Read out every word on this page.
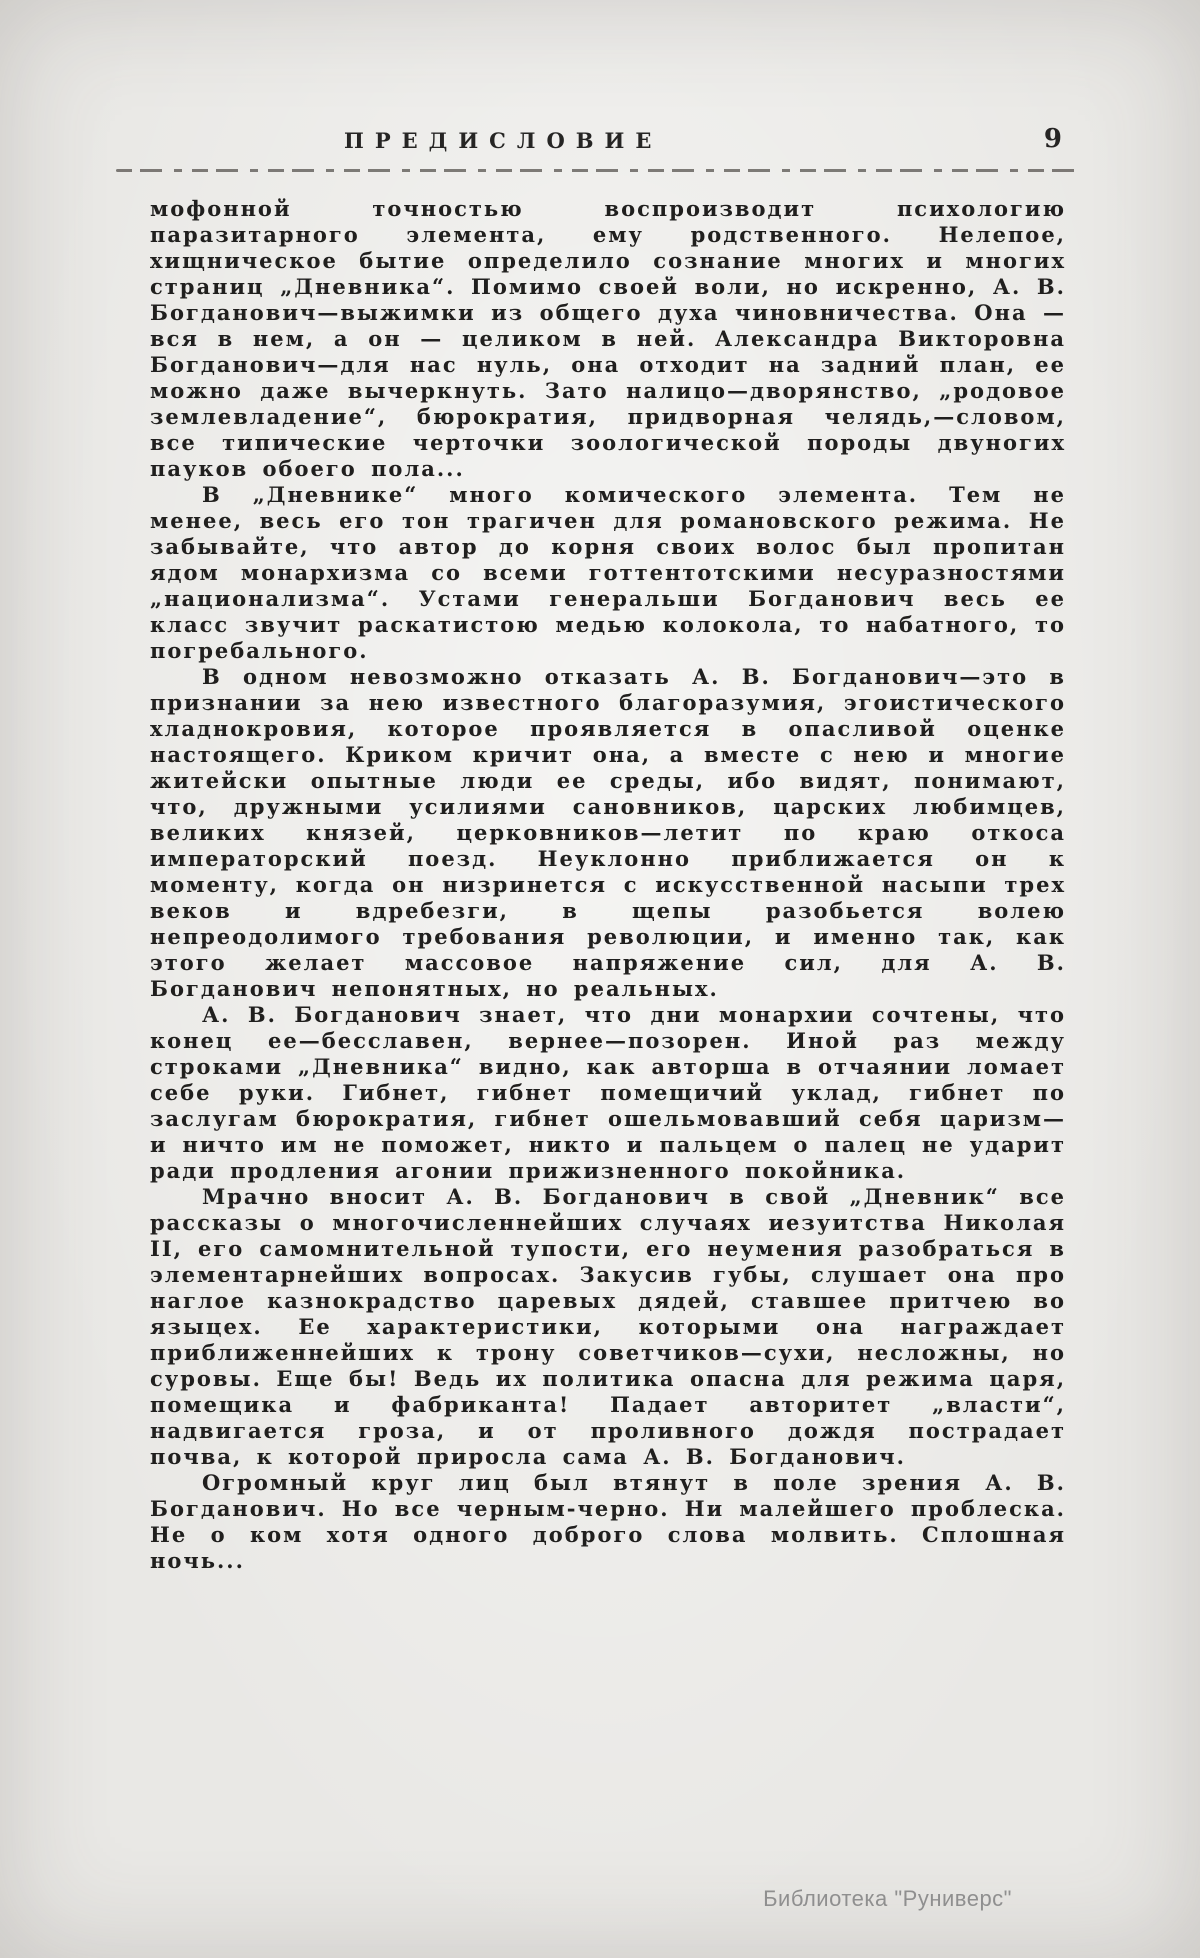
ПРЕДИСЛОВИЕ	9

мофонной точностью воспроизводит психологию паразитарного элемента, ему родственного. Нелепое, хищническое бытие определило сознание многих и многих страниц „Дневника“. Помимо своей воли, но искренно, А. В. Богданович—выжимки из общего духа чиновничества. Она — вся в нем, а он — целиком в ней. Александра Викторовна Богданович—для нас нуль, она отходит на задний план, ее можно даже вычеркнуть. Зато налицо—дворянство, „родовое землевладение“, бюрократия, придворная челядь,—словом, все типические черточки зоологической породы двуногих пауков обоего пола...

В „Дневнике“ много комического элемента. Тем не менее, весь его тон трагичен для романовского режима. Не забывайте, что автор до корня своих волос был пропитан ядом монархизма со всеми готтентотскими несуразностями „национализма“. Устами генеральши Богданович весь ее класс звучит раскатистою медью колокола, то набатного, то погребального.

В одном невозможно отказать А. В. Богданович—это в признании за нею известного благоразумия, эгоистического хладнокровия, которое проявляется в опасливой оценке настоящего. Криком кричит она, а вместе с нею и многие житейски опытные люди ее среды, ибо видят, понимают, что, дружными усилиями сановников, царских любимцев, великих князей, церковников—летит по краю откоса императорский поезд. Неуклонно приближается он к моменту, когда он низринется с искусственной насыпи трех веков и вдребезги, в щепы разобьется волею непреодолимого требования революции, и именно так, как этого желает массовое напряжение сил, для А. В. Богданович непонятных, но реальных.

А. В. Богданович знает, что дни монархии сочтены, что конец ее—бесславен, вернее—позорен. Иной раз между строками „Дневника“ видно, как авторша в отчаянии ломает себе руки. Гибнет, гибнет помещичий уклад, гибнет по заслугам бюрократия, гибнет ошельмовавший себя царизм—и ничто им не поможет, никто и пальцем о палец не ударит ради продления агонии прижизненного покойника.

Мрачно вносит А. В. Богданович в свой „Дневник“ все рассказы о многочисленнейших случаях иезуитства Николая II, его самомнительной тупости, его неумения разобраться в элементарнейших вопросах. Закусив губы, слушает она про наглое казнокрадство царевых дядей, ставшее притчею во языцех. Ее характеристики, которыми она награждает приближеннейших к трону советчиков—сухи, несложны, но суровы. Еще бы! Ведь их политика опасна для режима царя, помещика и фабриканта! Падает авторитет „власти“, надвигается гроза, и от проливного дождя пострадает почва, к которой приросла сама А. В. Богданович.

Огромный круг лиц был втянут в поле зрения А. В. Богданович. Но все черным-черно. Ни малейшего проблеска. Не о ком хотя одного доброго слова молвить. Сплошная ночь...

Библиотека "Руниверс"
